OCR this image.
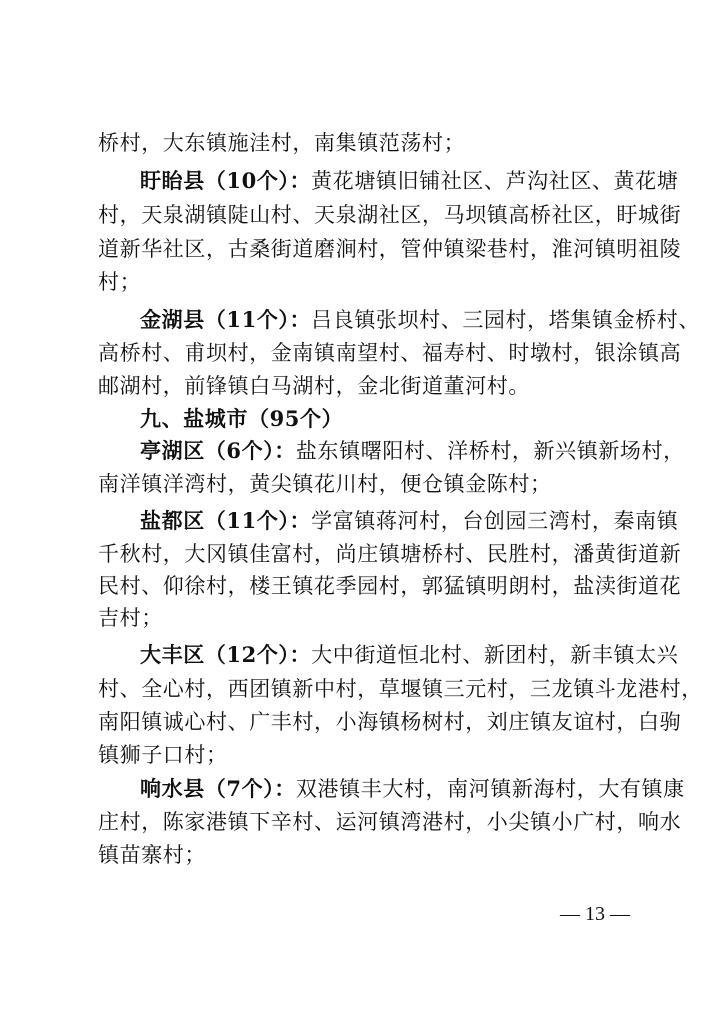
桥村，大东镇施洼村，南集镇范荡村；
盱眙县（10个）：黄花塘镇旧铺社区、芦沟社区、黄花塘
村，天泉湖镇陡山村、天泉湖社区，马坝镇高桥社区，盱城街
道新华社区，古桑街道磨涧村，管仲镇梁巷村，淮河镇明祖陵
村；
金湖县（11个）：吕良镇张坝村、三园村，塔集镇金桥村、
高桥村、甫坝村，金南镇南望村、福寿村、时墩村，银涂镇高
邮湖村，前锋镇白马湖村，金北街道董河村。
九、盐城市（95个）
亭湖区（6个）：盐东镇曙阳村、洋桥村，新兴镇新场村，
南洋镇洋湾村，黄尖镇花川村，便仓镇金陈村；
盐都区（11个）：学富镇蒋河村，台创园三湾村，秦南镇
千秋村，大冈镇佳富村，尚庄镇塘桥村、民胜村，潘黄街道新
民村、仰徐村，楼王镇花季园村，郭猛镇明朗村，盐渎街道花
吉村；
大丰区（12个）：大中街道恒北村、新团村，新丰镇太兴
村、全心村，西团镇新中村，草堰镇三元村，三龙镇斗龙港村，
南阳镇诚心村、广丰村，小海镇杨树村，刘庄镇友谊村，白驹
镇狮子口村；
响水县（7个）：双港镇丰大村，南河镇新海村，大有镇康
庄村，陈家港镇下辛村、运河镇湾港村，小尖镇小广村，响水
镇苗寨村；
— 13 —
